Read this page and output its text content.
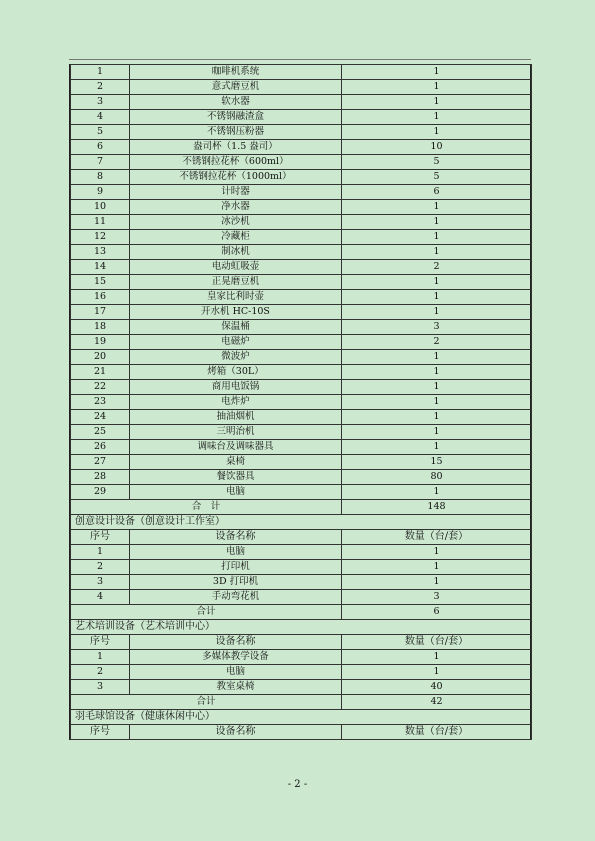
1	咖啡机系统	1
2	意式磨豆机	1
3	软水器	1
4	不锈钢融渣盒	1
5	不锈钢压粉器	1
6	盎司杯（1.5 盎司）	10
7	不锈钢拉花杯（600ml）	5
8	不锈钢拉花杯（1000ml）	5
9	计时器	6
10	净水器	1
11	冰沙机	1
12	冷藏柜	1
13	制冰机	1
14	电动虹吸壶	2
15	正晃磨豆机	1
16	皇家比利时壶	1
17	开水机 HC-10S	1
18	保温桶	3
19	电磁炉	2
20	微波炉	1
21	烤箱（30L）	1
22	商用电饭锅	1
23	电炸炉	1
24	抽油烟机	1
25	三明治机	1
26	调味台及调味器具	1
27	桌椅	15
28	餐饮器具	80
29	电脑	1
合　计		148
创意设计设备（创意设计工作室）		
序号	设备名称	数量（台/套）
1	电脑	1
2	打印机	1
3	3D 打印机	1
4	手动弯花机	3
合计		6
艺术培训设备（艺术培训中心）		
序号	设备名称	数量（台/套）
1	多媒体教学设备	1
2	电脑	1
3	教室桌椅	40
合计		42
羽毛球馆设备（健康休闲中心）		
序号	设备名称	数量（台/套）
- 2 -
